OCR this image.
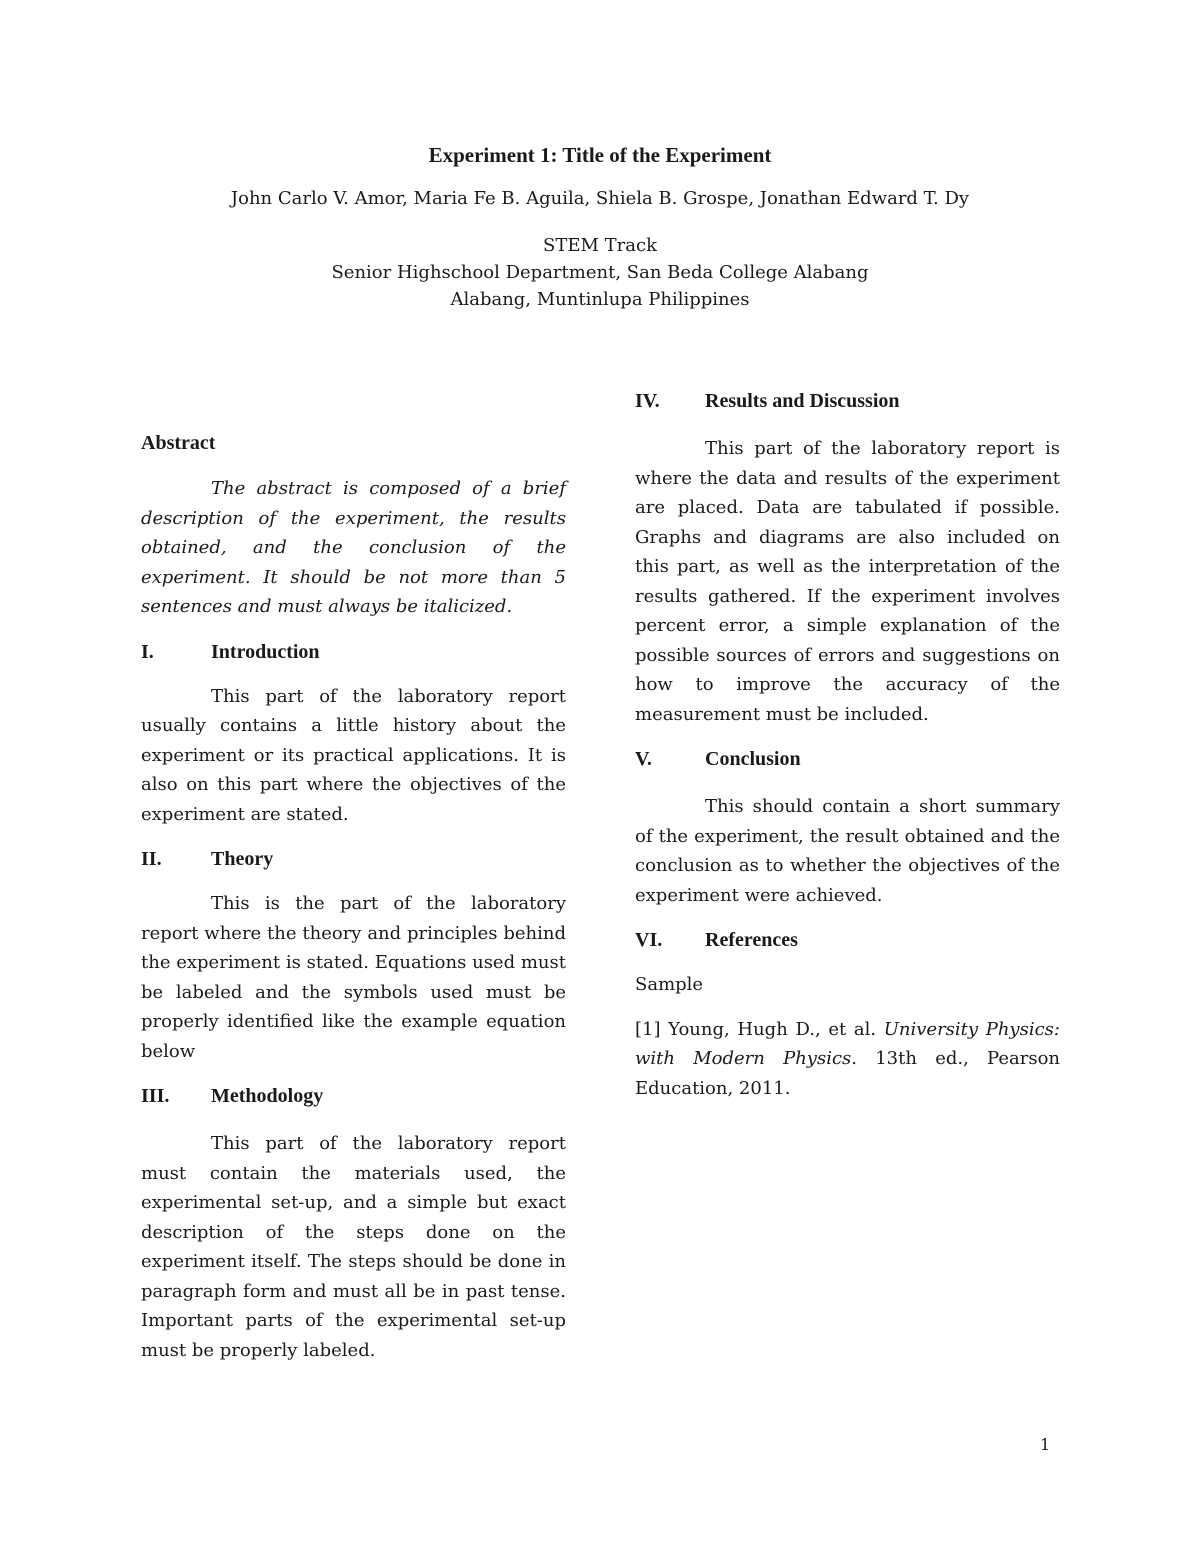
Experiment 1: Title of the Experiment
John Carlo V. Amor, Maria Fe B. Aguila, Shiela B. Grospe, Jonathan Edward T. Dy
STEM Track
Senior Highschool Department, San Beda College Alabang
Alabang, Muntinlupa Philippines
Abstract

The abstract is composed of a brief description of the experiment, the results obtained, and the conclusion of the experiment. It should be not more than 5 sentences and must always be italicized.

I.	Introduction

This part of the laboratory report usually contains a little history about the experiment or its practical applications. It is also on this part where the objectives of the experiment are stated.

II.	Theory

This is the part of the laboratory report where the theory and principles behind the experiment is stated. Equations used must be labeled and the symbols used must be properly identified like the example equation below

III.	Methodology

This part of the laboratory report must contain the materials used, the experimental set-up, and a simple but exact description of the steps done on the experiment itself. The steps should be done in paragraph form and must all be in past tense. Important parts of the experimental set-up must be properly labeled.

IV.	Results and Discussion

This part of the laboratory report is where the data and results of the experiment are placed. Data are tabulated if possible. Graphs and diagrams are also included on this part, as well as the interpretation of the results gathered. If the experiment involves percent error, a simple explanation of the possible sources of errors and suggestions on how to improve the accuracy of the measurement must be included.

V.	Conclusion

This should contain a short summary of the experiment, the result obtained and the conclusion as to whether the objectives of the experiment were achieved.

VI.	References

Sample

[1] Young, Hugh D., et al. University Physics: with Modern Physics. 13th ed., Pearson Education, 2011.

1
